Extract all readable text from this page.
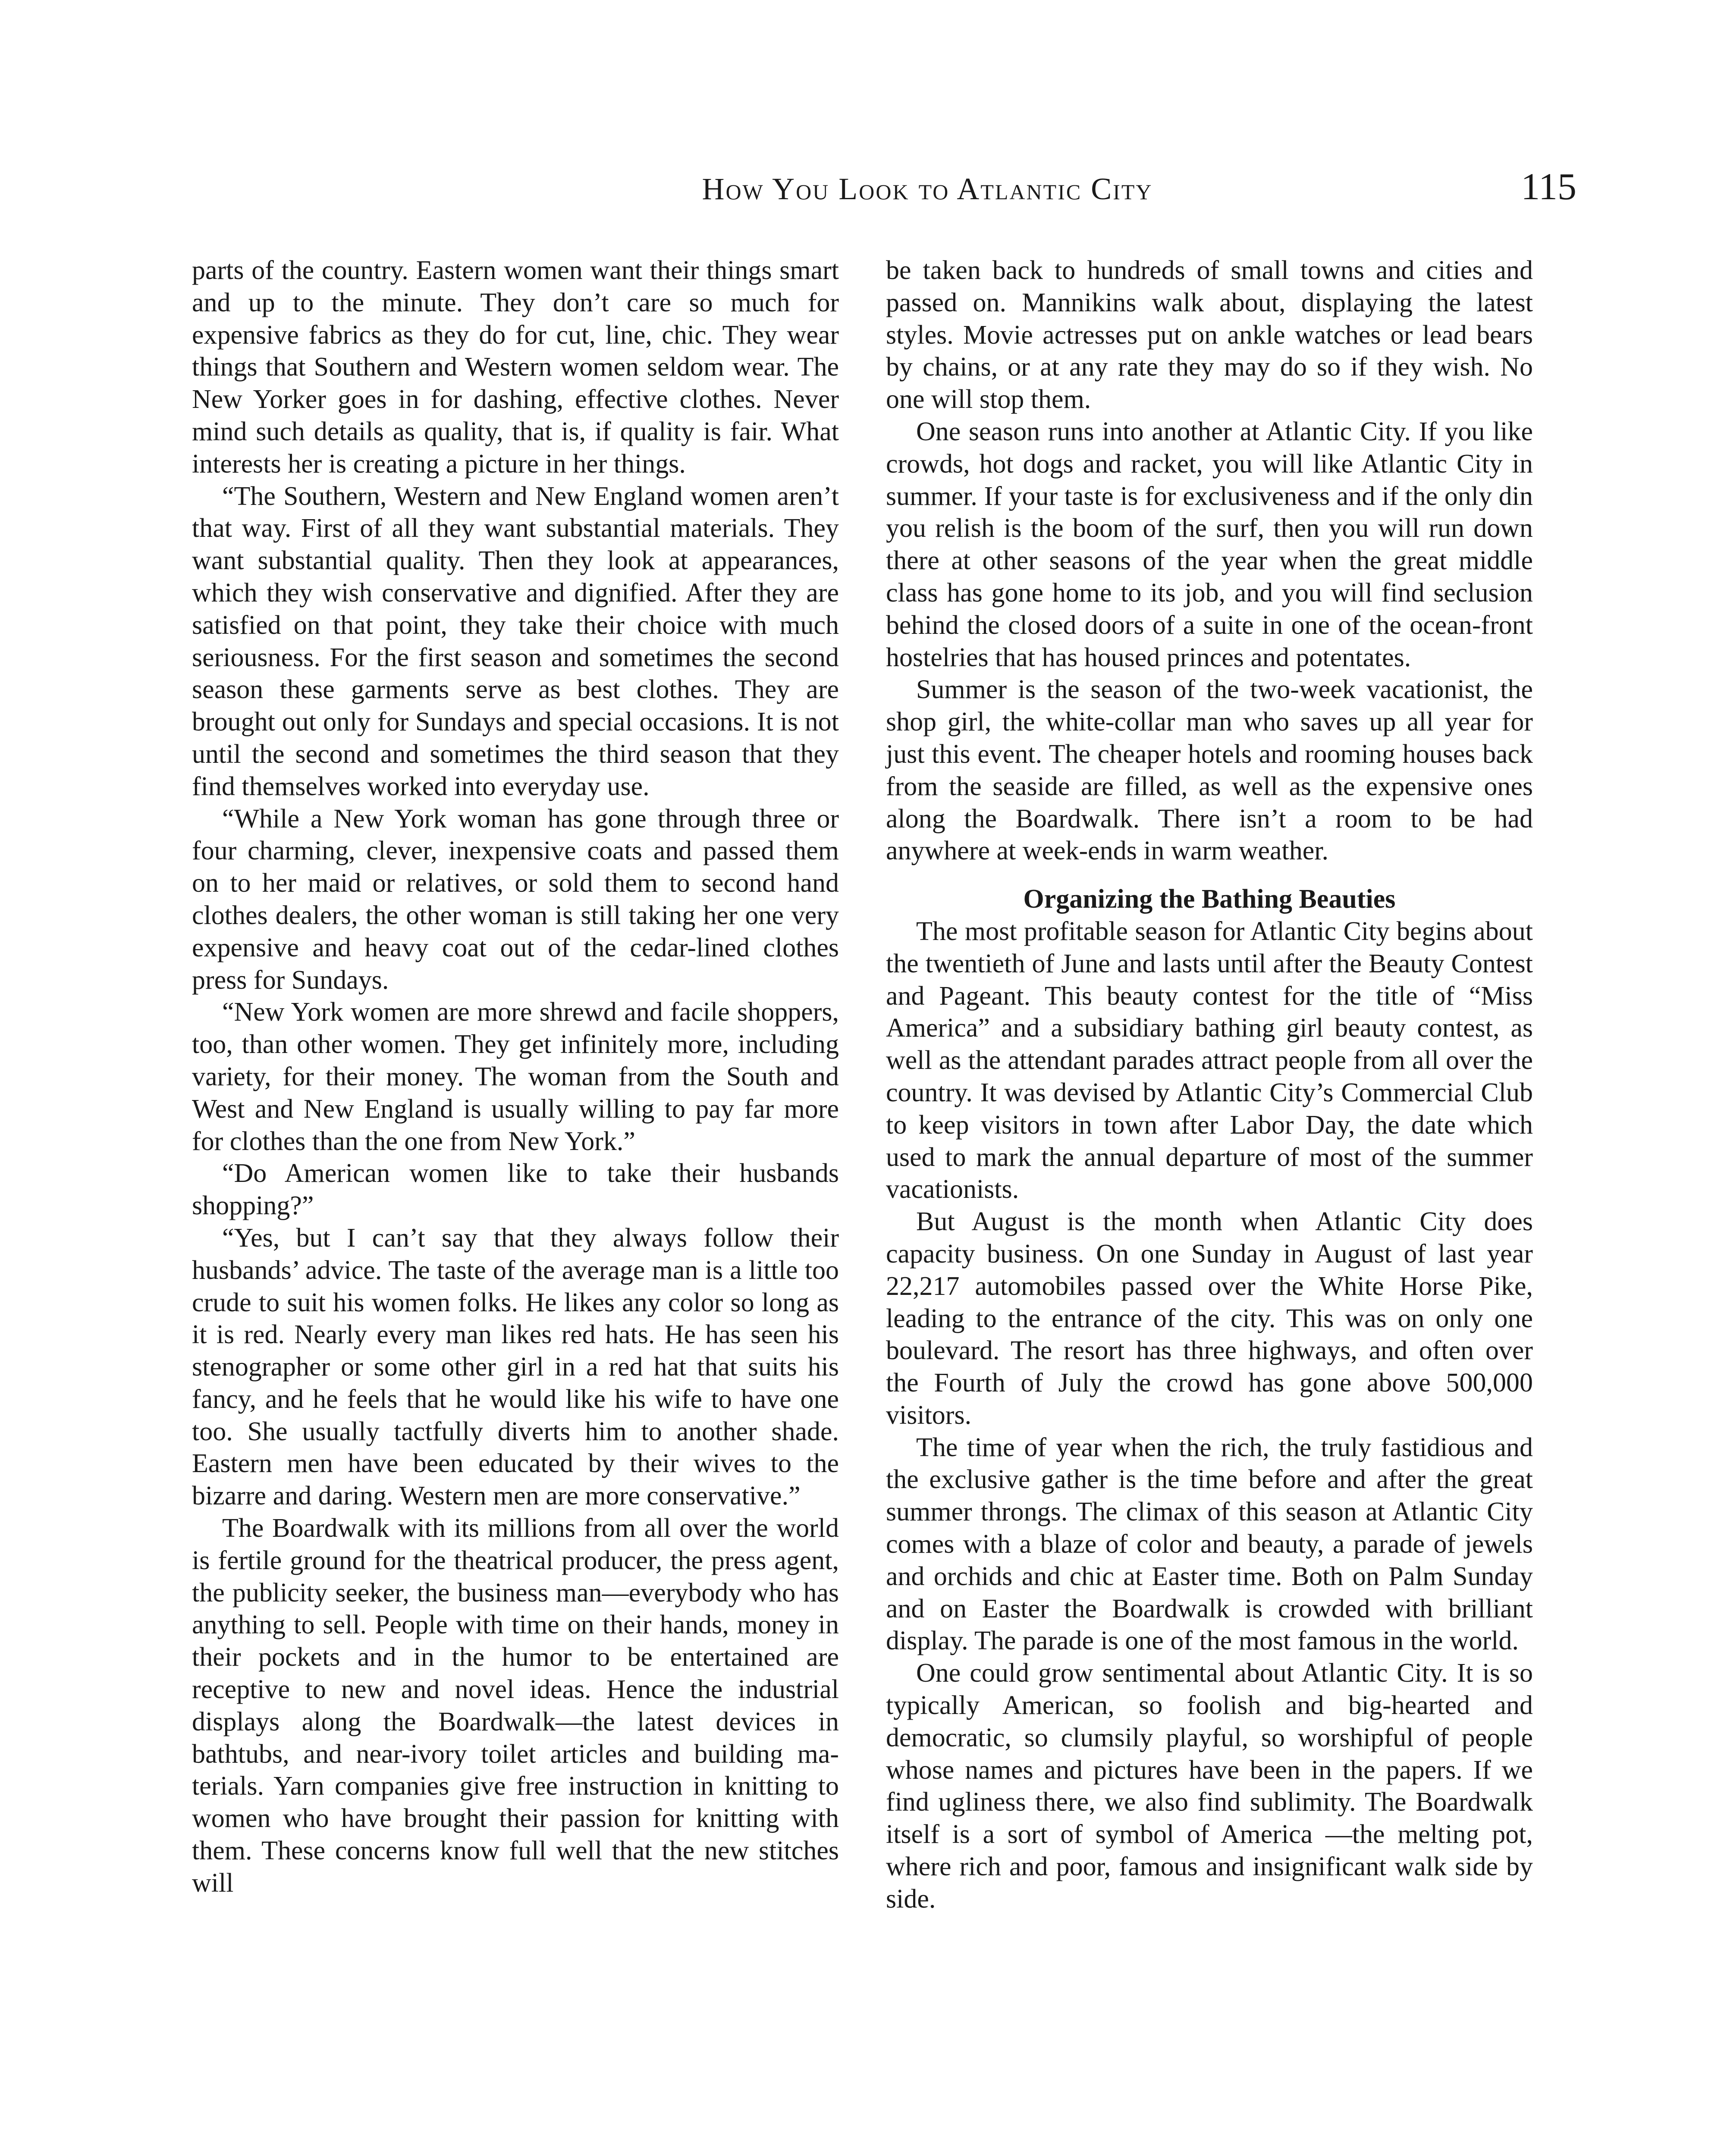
How You Look to Atlantic City	115

parts of the country. Eastern women want their things smart and up to the minute. They don’t care so much for expensive fabrics as they do for cut, line, chic. They wear things that Southern and Western women seldom wear. The New Yorker goes in for dashing, effective clothes. Never mind such details as quality, that is, if quality is fair. What interests her is creating a picture in her things.

“The Southern, Western and New England women aren’t that way. First of all they want substantial materials. They want substantial quality. Then they look at appearances, which they wish conservative and dignified. After they are satisfied on that point, they take their choice with much seriousness. For the first season and sometimes the second season these garments serve as best clothes. They are brought out only for Sundays and special occasions. It is not until the second and sometimes the third season that they find themselves worked into everyday use.

“While a New York woman has gone through three or four charming, clever, inexpensive coats and passed them on to her maid or relatives, or sold them to second hand clothes dealers, the other woman is still taking her one very expensive and heavy coat out of the cedar-lined clothes press for Sundays.

“New York women are more shrewd and facile shoppers, too, than other women. They get infinitely more, including variety, for their money. The woman from the South and West and New England is usually willing to pay far more for clothes than the one from New York.”

“Do American women like to take their husbands shopping?”

“Yes, but I can’t say that they always follow their husbands’ advice. The taste of the average man is a little too crude to suit his women folks. He likes any color so long as it is red. Nearly every man likes red hats. He has seen his stenographer or some other girl in a red hat that suits his fancy, and he feels that he would like his wife to have one too. She usually tactfully diverts him to another shade. Eastern men have been educated by their wives to the bizarre and daring. Western men are more conservative.”

The Boardwalk with its millions from all over the world is fertile ground for the theatrical producer, the press agent, the publicity seeker, the business man—everybody who has anything to sell. People with time on their hands, money in their pockets and in the humor to be entertained are receptive to new and novel ideas. Hence the industrial displays along the Boardwalk—the latest devices in bathtubs, and near-ivory toilet articles and building materials. Yarn companies give free instruction in knitting to women who have brought their passion for knitting with them. These concerns know full well that the new stitches will

be taken back to hundreds of small towns and cities and passed on. Mannikins walk about, displaying the latest styles. Movie actresses put on ankle watches or lead bears by chains, or at any rate they may do so if they wish. No one will stop them.

One season runs into another at Atlantic City. If you like crowds, hot dogs and racket, you will like Atlantic City in summer. If your taste is for exclusiveness and if the only din you relish is the boom of the surf, then you will run down there at other seasons of the year when the great middle class has gone home to its job, and you will find seclusion behind the closed doors of a suite in one of the ocean-front hostelries that has housed princes and potentates.

Summer is the season of the two-week vacationist, the shop girl, the white-collar man who saves up all year for just this event. The cheaper hotels and rooming houses back from the seaside are filled, as well as the expensive ones along the Boardwalk. There isn’t a room to be had anywhere at week-ends in warm weather.

Organizing the Bathing Beauties

The most profitable season for Atlantic City begins about the twentieth of June and lasts until after the Beauty Contest and Pageant. This beauty contest for the title of “Miss America” and a subsidiary bathing girl beauty contest, as well as the attendant parades attract people from all over the country. It was devised by Atlantic City’s Commercial Club to keep visitors in town after Labor Day, the date which used to mark the annual departure of most of the summer vacationists.

But August is the month when Atlantic City does capacity business. On one Sunday in August of last year 22,217 automobiles passed over the White Horse Pike, leading to the entrance of the city. This was on only one boulevard. The resort has three highways, and often over the Fourth of July the crowd has gone above 500,000 visitors.

The time of year when the rich, the truly fastidious and the exclusive gather is the time before and after the great summer throngs. The climax of this season at Atlantic City comes with a blaze of color and beauty, a parade of jewels and orchids and chic at Easter time. Both on Palm Sunday and on Easter the Boardwalk is crowded with brilliant display. The parade is one of the most famous in the world.

One could grow sentimental about Atlantic City. It is so typically American, so foolish and big-hearted and democratic, so clumsily playful, so worshipful of people whose names and pictures have been in the papers. If we find ugliness there, we also find sublimity. The Boardwalk itself is a sort of symbol of America —the melting pot, where rich and poor, famous and insignificant walk side by side.
